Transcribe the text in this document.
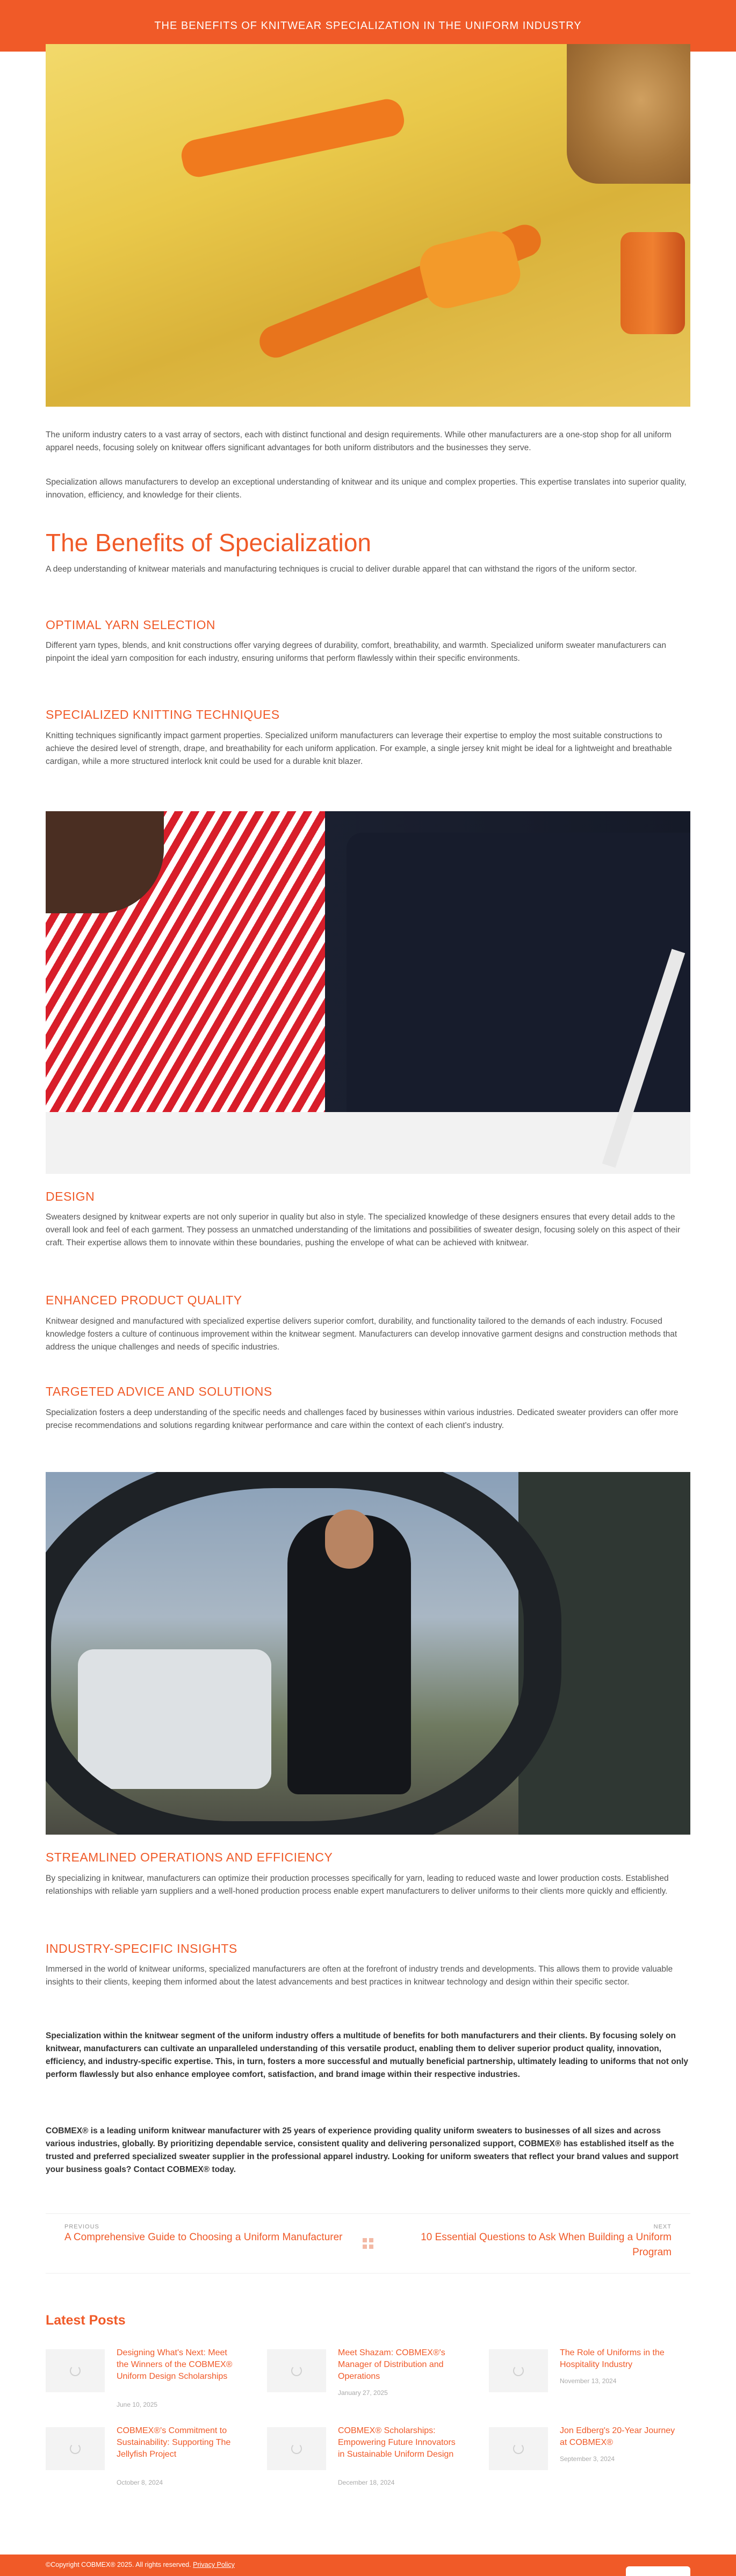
THE BENEFITS OF KNITWEAR SPECIALIZATION IN THE UNIFORM INDUSTRY

The uniform industry caters to a vast array of sectors, each with distinct functional and design requirements. While other manufacturers are a one-stop shop for all uniform apparel needs, focusing solely on knitwear offers significant advantages for both uniform distributors and the businesses they serve.

Specialization allows manufacturers to develop an exceptional understanding of knitwear and its unique and complex properties. This expertise translates into superior quality, innovation, efficiency, and knowledge for their clients.

The Benefits of Specialization

A deep understanding of knitwear materials and manufacturing techniques is crucial to deliver durable apparel that can withstand the rigors of the uniform sector.

OPTIMAL YARN SELECTION

Different yarn types, blends, and knit constructions offer varying degrees of durability, comfort, breathability, and warmth. Specialized uniform sweater manufacturers can pinpoint the ideal yarn composition for each industry, ensuring uniforms that perform flawlessly within their specific environments.

SPECIALIZED KNITTING TECHNIQUES

Knitting techniques significantly impact garment properties. Specialized uniform manufacturers can leverage their expertise to employ the most suitable constructions to achieve the desired level of strength, drape, and breathability for each uniform application. For example, a single jersey knit might be ideal for a lightweight and breathable cardigan, while a more structured interlock knit could be used for a durable knit blazer.

DESIGN

Sweaters designed by knitwear experts are not only superior in quality but also in style. The specialized knowledge of these designers ensures that every detail adds to the overall look and feel of each garment. They possess an unmatched understanding of the limitations and possibilities of sweater design, focusing solely on this aspect of their craft. Their expertise allows them to innovate within these boundaries, pushing the envelope of what can be achieved with knitwear.

ENHANCED PRODUCT QUALITY

Knitwear designed and manufactured with specialized expertise delivers superior comfort, durability, and functionality tailored to the demands of each industry. Focused knowledge fosters a culture of continuous improvement within the knitwear segment. Manufacturers can develop innovative garment designs and construction methods that address the unique challenges and needs of specific industries.

TARGETED ADVICE AND SOLUTIONS

Specialization fosters a deep understanding of the specific needs and challenges faced by businesses within various industries. Dedicated sweater providers can offer more precise recommendations and solutions regarding knitwear performance and care within the context of each client's industry.

STREAMLINED OPERATIONS AND EFFICIENCY

By specializing in knitwear, manufacturers can optimize their production processes specifically for yarn, leading to reduced waste and lower production costs. Established relationships with reliable yarn suppliers and a well-honed production process enable expert manufacturers to deliver uniforms to their clients more quickly and efficiently.

INDUSTRY-SPECIFIC INSIGHTS

Immersed in the world of knitwear uniforms, specialized manufacturers are often at the forefront of industry trends and developments. This allows them to provide valuable insights to their clients, keeping them informed about the latest advancements and best practices in knitwear technology and design within their specific sector.

Specialization within the knitwear segment of the uniform industry offers a multitude of benefits for both manufacturers and their clients. By focusing solely on knitwear, manufacturers can cultivate an unparalleled understanding of this versatile product, enabling them to deliver superior product quality, innovation, efficiency, and industry-specific expertise. This, in turn, fosters a more successful and mutually beneficial partnership, ultimately leading to uniforms that not only perform flawlessly but also enhance employee comfort, satisfaction, and brand image within their respective industries.

COBMEX® is a leading uniform knitwear manufacturer with 25 years of experience providing quality uniform sweaters to businesses of all sizes and across various industries, globally. By prioritizing dependable service, consistent quality and delivering personalized support, COBMEX® has established itself as the trusted and preferred specialized sweater supplier in the professional apparel industry. Looking for uniform sweaters that reflect your brand values and support your business goals? Contact COBMEX® today.

PREVIOUS
A Comprehensive Guide to Choosing a Uniform Manufacturer
NEXT
10 Essential Questions to Ask When Building a Uniform Program
Latest Posts
Designing What's Next: Meet the Winners of the COBMEX® Uniform Design Scholarships
June 10, 2025
Meet Shazam: COBMEX®'s Manager of Distribution and Operations
January 27, 2025
The Role of Uniforms in the Hospitality Industry
November 13, 2024
COBMEX®'s Commitment to Sustainability: Supporting The Jellyfish Project
October 8, 2024
COBMEX® Scholarships: Empowering Future Innovators in Sustainable Uniform Design
December 18, 2024
Jon Edberg's 20-Year Journey at COBMEX®
September 3, 2024
©Copyright COBMEX® 2025. All rights reserved. Privacy Policy
